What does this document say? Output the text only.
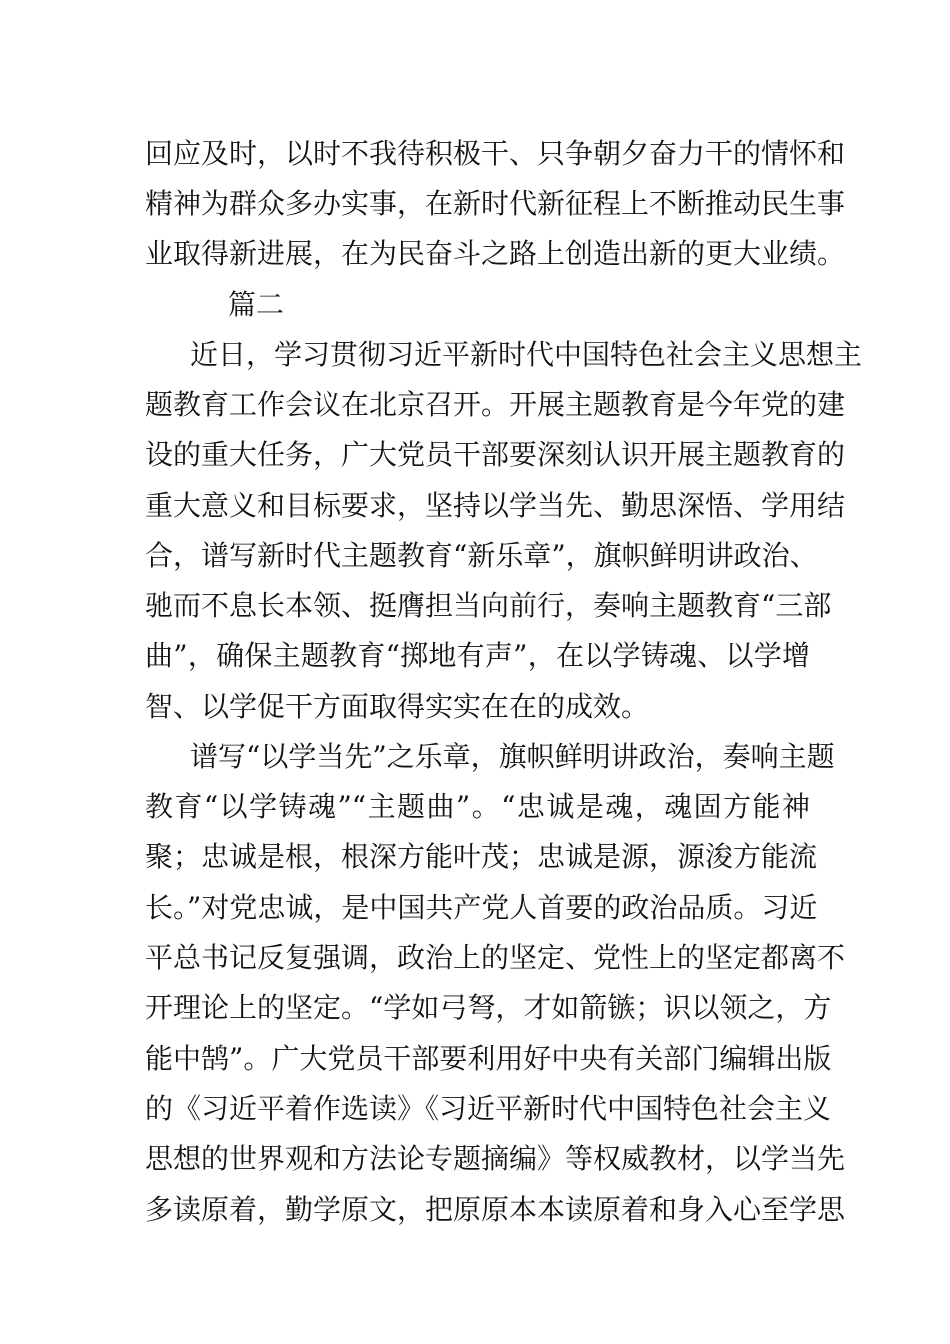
回应及时，以时不我待积极干、只争朝夕奋力干的情怀和
精神为群众多办实事，在新时代新征程上不断推动民生事
业取得新进展，在为民奋斗之路上创造出新的更大业绩。
篇二
近日，学习贯彻习近平新时代中国特色社会主义思想主
题教育工作会议在北京召开。开展主题教育是今年党的建
设的重大任务，广大党员干部要深刻认识开展主题教育的
重大意义和目标要求，坚持以学当先、勤思深悟、学用结
合，谱写新时代主题教育“新乐章”，旗帜鲜明讲政治、
驰而不息长本领、挺膺担当向前行，奏响主题教育“三部
曲”，确保主题教育“掷地有声”，在以学铸魂、以学增
智、以学促干方面取得实实在在的成效。
谱写“以学当先”之乐章，旗帜鲜明讲政治，奏响主题
教育“以学铸魂”“主题曲”。“忠诚是魂，魂固方能神
聚；忠诚是根，根深方能叶茂；忠诚是源，源浚方能流
长。”对党忠诚，是中国共产党人首要的政治品质。习近
平总书记反复强调，政治上的坚定、党性上的坚定都离不
开理论上的坚定。“学如弓弩，才如箭镞；识以领之，方
能中鹄”。广大党员干部要利用好中央有关部门编辑出版
的《习近平着作选读》《习近平新时代中国特色社会主义
思想的世界观和方法论专题摘编》等权威教材，以学当先
多读原着，勤学原文，把原原本本读原着和身入心至学思
